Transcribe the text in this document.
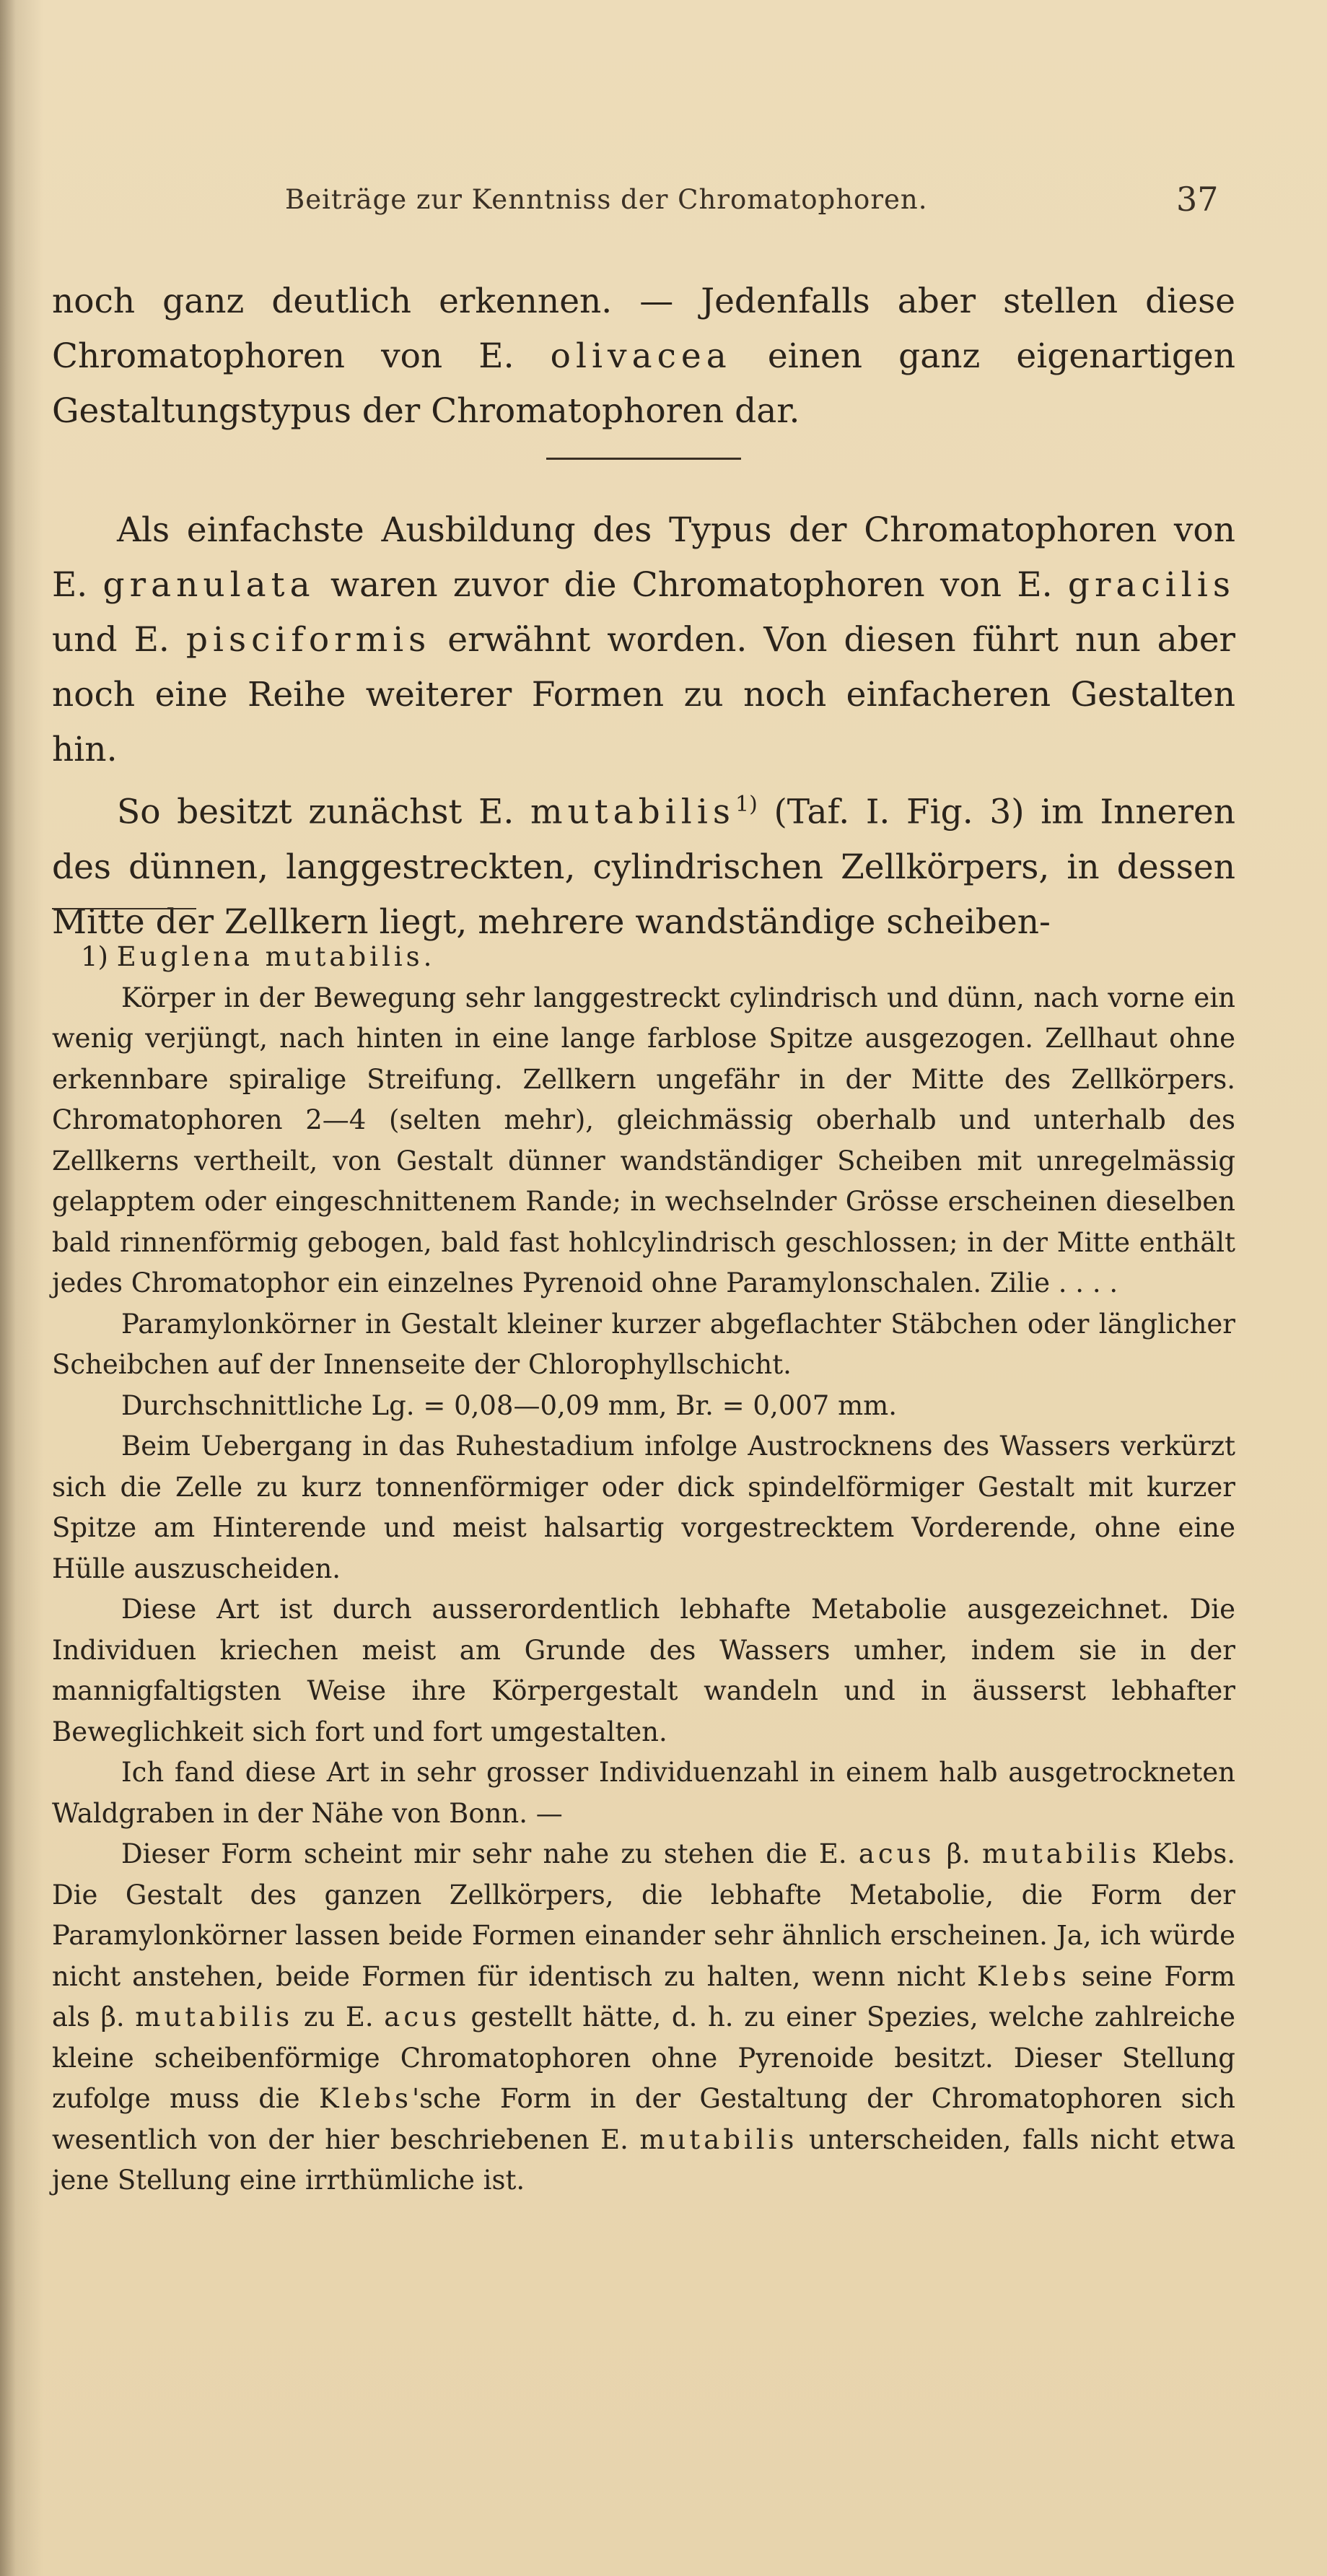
Beiträge zur Kenntniss der Chromatophoren.	37

noch ganz deutlich erkennen. — Jedenfalls aber stellen diese Chromatophoren von E. olivacea einen ganz eigenartigen Gestaltungstypus der Chromatophoren dar.

Als einfachste Ausbildung des Typus der Chromatophoren von E. granulata waren zuvor die Chromatophoren von E. gracilis und E. pisciformis erwähnt worden. Von diesen führt nun aber noch eine Reihe weiterer Formen zu noch einfacheren Gestalten hin.

So besitzt zunächst E. mutabilis$^{1)}$ (Taf. I. Fig. 3) im Inneren des dünnen, langgestreckten, cylindrischen Zellkörpers, in dessen Mitte der Zellkern liegt, mehrere wandständige scheiben-

1) Euglena mutabilis.

Körper in der Bewegung sehr langgestreckt cylindrisch und dünn, nach vorne ein wenig verjüngt, nach hinten in eine lange farblose Spitze ausgezogen. Zellhaut ohne erkennbare spiralige Streifung. Zellkern ungefähr in der Mitte des Zellkörpers. Chromatophoren 2—4 (selten mehr), gleichmässig oberhalb und unterhalb des Zellkerns vertheilt, von Gestalt dünner wandständiger Scheiben mit unregelmässig gelapptem oder eingeschnittenem Rande; in wechselnder Grösse erscheinen dieselben bald rinnenförmig gebogen, bald fast hohlcylindrisch geschlossen; in der Mitte enthält jedes Chromatophor ein einzelnes Pyrenoid ohne Paramylonschalen. Zilie . . . .

Paramylonkörner in Gestalt kleiner kurzer abgeflachter Stäbchen oder länglicher Scheibchen auf der Innenseite der Chlorophyllschicht.

Durchschnittliche Lg. = 0,08—0,09 mm, Br. = 0,007 mm.

Beim Uebergang in das Ruhestadium infolge Austrocknens des Wassers verkürzt sich die Zelle zu kurz tonnenförmiger oder dick spindelförmiger Gestalt mit kurzer Spitze am Hinterende und meist halsartig vorgestrecktem Vorderende, ohne eine Hülle auszuscheiden.

Diese Art ist durch ausserordentlich lebhafte Metabolie ausgezeichnet. Die Individuen kriechen meist am Grunde des Wassers umher, indem sie in der mannigfaltigsten Weise ihre Körpergestalt wandeln und in äusserst lebhafter Beweglichkeit sich fort und fort umgestalten.

Ich fand diese Art in sehr grosser Individuenzahl in einem halb ausgetrockneten Waldgraben in der Nähe von Bonn. —

Dieser Form scheint mir sehr nahe zu stehen die E. acus β. mutabilis Klebs. Die Gestalt des ganzen Zellkörpers, die lebhafte Metabolie, die Form der Paramylonkörner lassen beide Formen einander sehr ähnlich erscheinen. Ja, ich würde nicht anstehen, beide Formen für identisch zu halten, wenn nicht Klebs seine Form als β. mutabilis zu E. acus gestellt hätte, d. h. zu einer Spezies, welche zahlreiche kleine scheibenförmige Chromatophoren ohne Pyrenoide besitzt. Dieser Stellung zufolge muss die Klebs'sche Form in der Gestaltung der Chromatophoren sich wesentlich von der hier beschriebenen E. mutabilis unterscheiden, falls nicht etwa jene Stellung eine irrthümliche ist.
